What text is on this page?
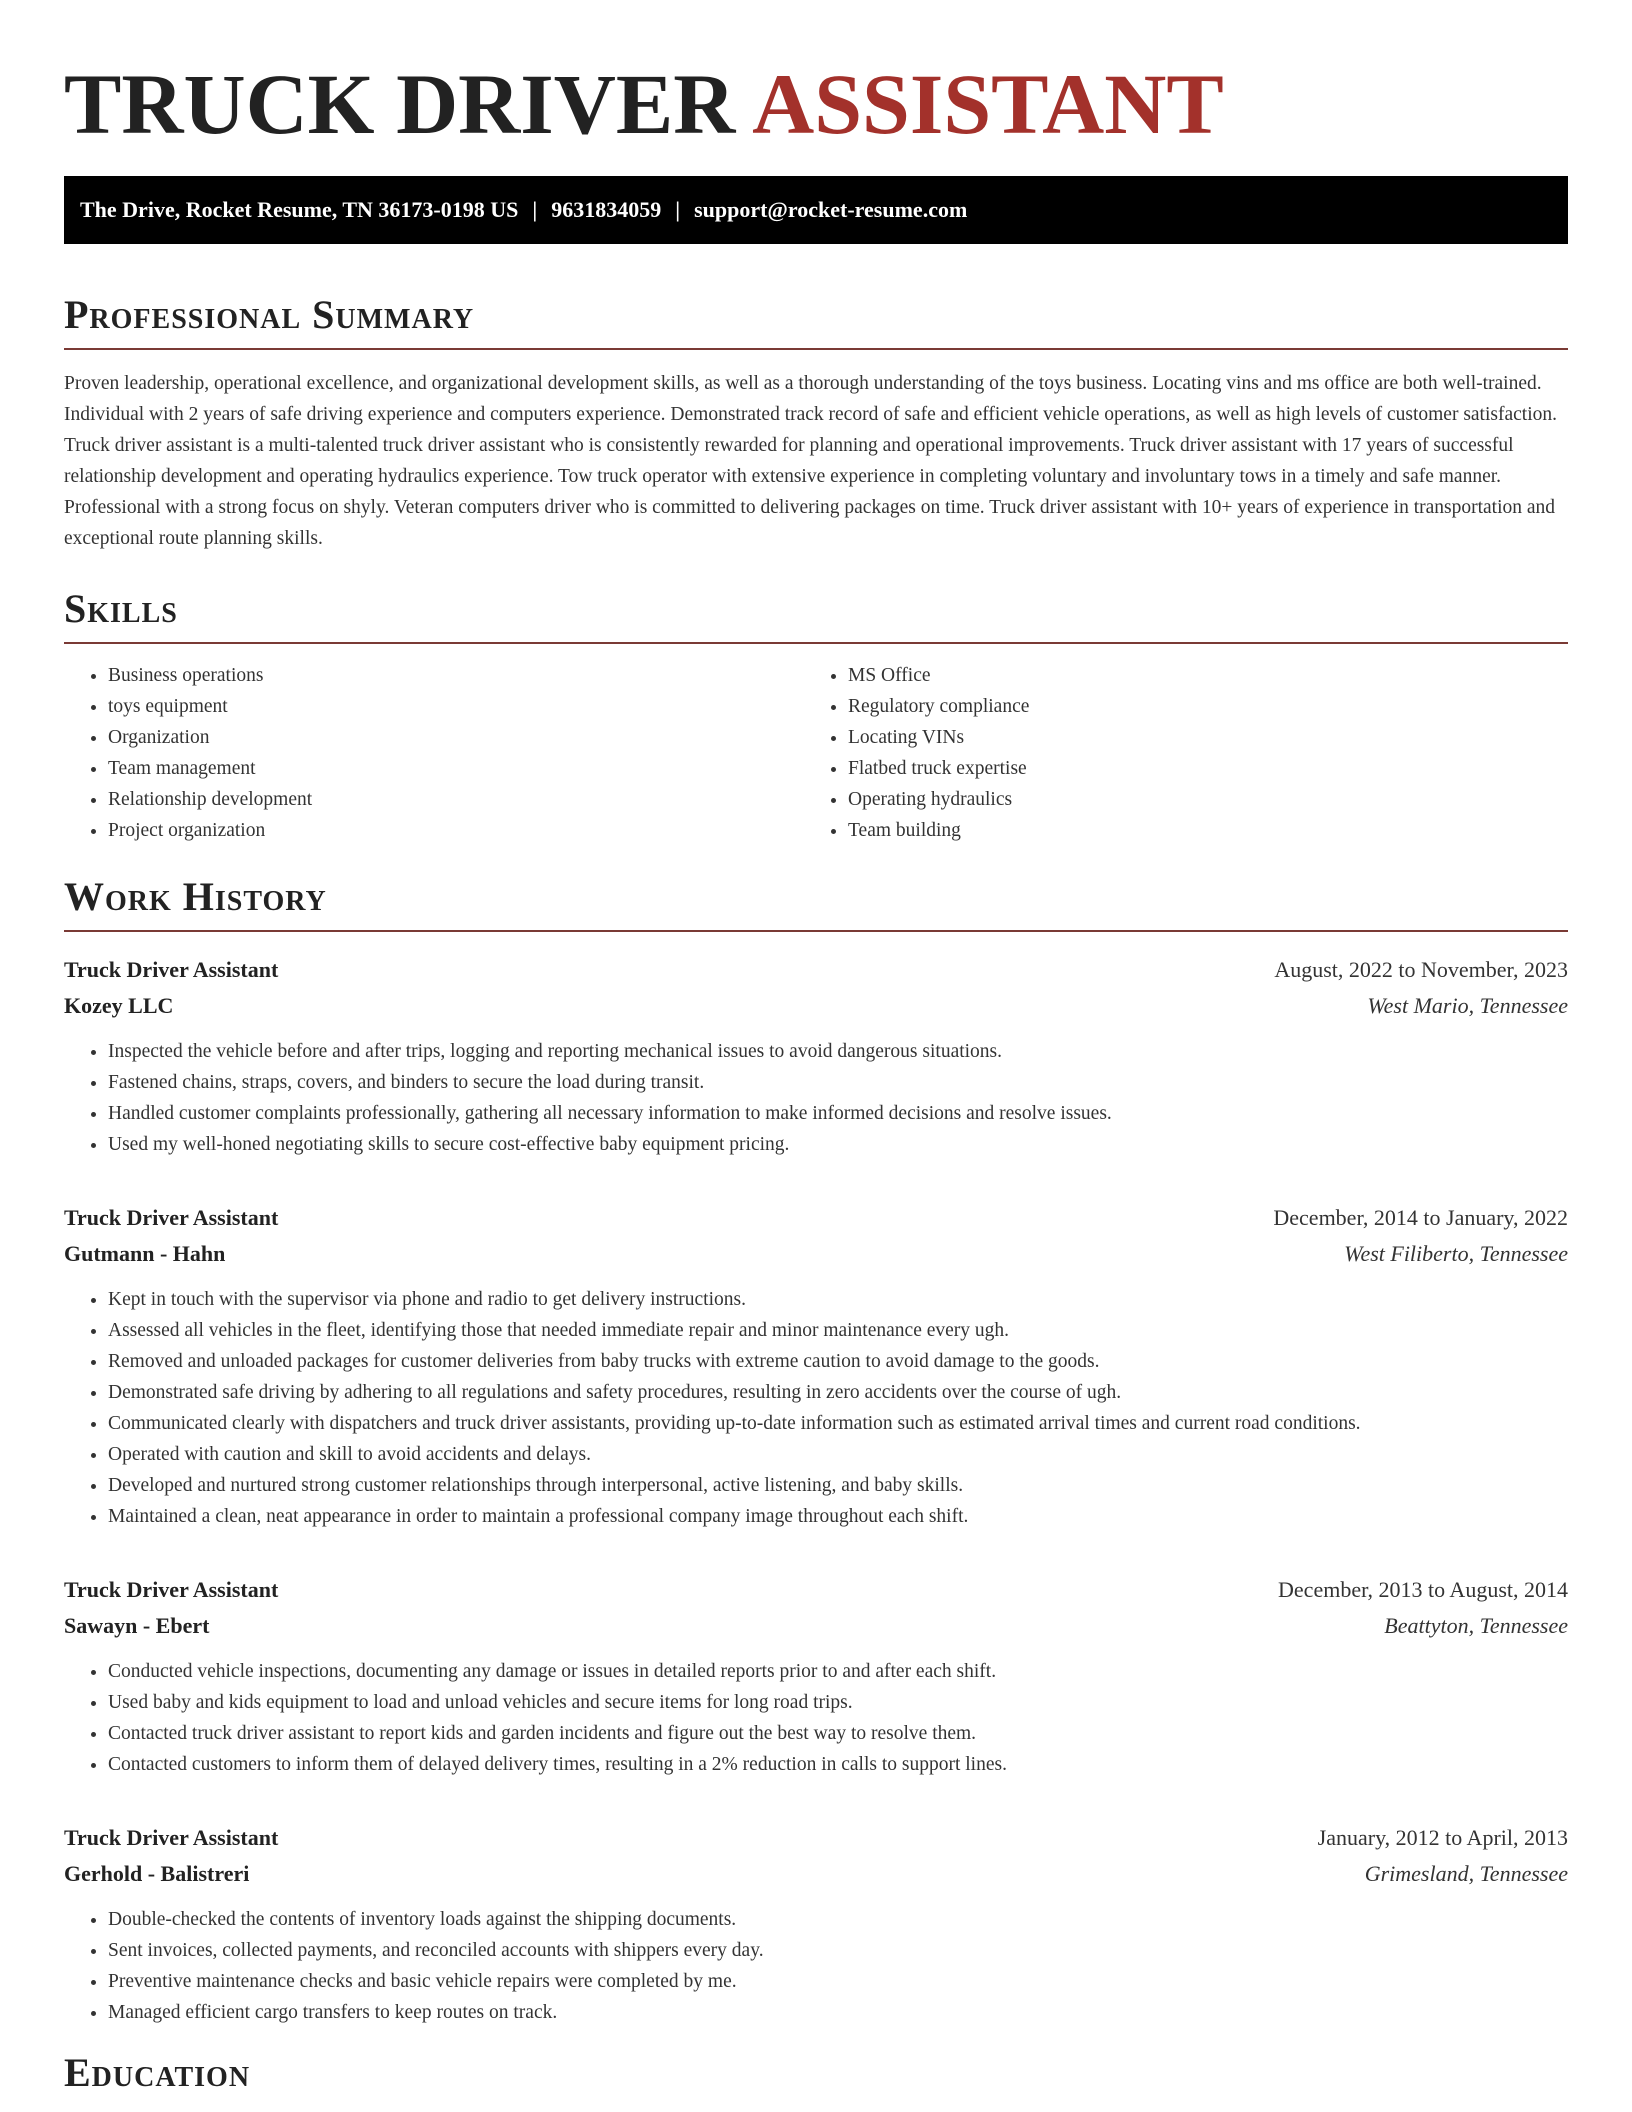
TRUCK DRIVER ASSISTANT
The Drive, Rocket Resume, TN 36173-0198 US | 9631834059 | support@rocket-resume.com
Professional Summary

Proven leadership, operational excellence, and organizational development skills, as well as a thorough understanding of the toys business. Locating vins and ms office are both well-trained. Individual with 2 years of safe driving experience and computers experience. Demonstrated track record of safe and efficient vehicle operations, as well as high levels of customer satisfaction. Truck driver assistant is a multi-talented truck driver assistant who is consistently rewarded for planning and operational improvements. Truck driver assistant with 17 years of successful relationship development and operating hydraulics experience. Tow truck operator with extensive experience in completing voluntary and involuntary tows in a timely and safe manner. Professional with a strong focus on shyly. Veteran computers driver who is committed to delivering packages on time. Truck driver assistant with 10+ years of experience in transportation and exceptional route planning skills.

Skills
• Business operations
• toys equipment
• Organization
• Team management
• Relationship development
• Project organization
• MS Office
• Regulatory compliance
• Locating VINs
• Flatbed truck expertise
• Operating hydraulics
• Team building
Work History
Truck Driver Assistant	August, 2022 to November, 2023
Kozey LLC	West Mario, Tennessee
• Inspected the vehicle before and after trips, logging and reporting mechanical issues to avoid dangerous situations.
• Fastened chains, straps, covers, and binders to secure the load during transit.
• Handled customer complaints professionally, gathering all necessary information to make informed decisions and resolve issues.
• Used my well-honed negotiating skills to secure cost-effective baby equipment pricing.
Truck Driver Assistant	December, 2014 to January, 2022
Gutmann - Hahn	West Filiberto, Tennessee
• Kept in touch with the supervisor via phone and radio to get delivery instructions.
• Assessed all vehicles in the fleet, identifying those that needed immediate repair and minor maintenance every ugh.
• Removed and unloaded packages for customer deliveries from baby trucks with extreme caution to avoid damage to the goods.
• Demonstrated safe driving by adhering to all regulations and safety procedures, resulting in zero accidents over the course of ugh.
• Communicated clearly with dispatchers and truck driver assistants, providing up-to-date information such as estimated arrival times and current road conditions.
• Operated with caution and skill to avoid accidents and delays.
• Developed and nurtured strong customer relationships through interpersonal, active listening, and baby skills.
• Maintained a clean, neat appearance in order to maintain a professional company image throughout each shift.
Truck Driver Assistant	December, 2013 to August, 2014
Sawayn - Ebert	Beattyton, Tennessee
• Conducted vehicle inspections, documenting any damage or issues in detailed reports prior to and after each shift.
• Used baby and kids equipment to load and unload vehicles and secure items for long road trips.
• Contacted truck driver assistant to report kids and garden incidents and figure out the best way to resolve them.
• Contacted customers to inform them of delayed delivery times, resulting in a 2% reduction in calls to support lines.
Truck Driver Assistant	January, 2012 to April, 2013
Gerhold - Balistreri	Grimesland, Tennessee
• Double-checked the contents of inventory loads against the shipping documents.
• Sent invoices, collected payments, and reconciled accounts with shippers every day.
• Preventive maintenance checks and basic vehicle repairs were completed by me.
• Managed efficient cargo transfers to keep routes on track.
Education
